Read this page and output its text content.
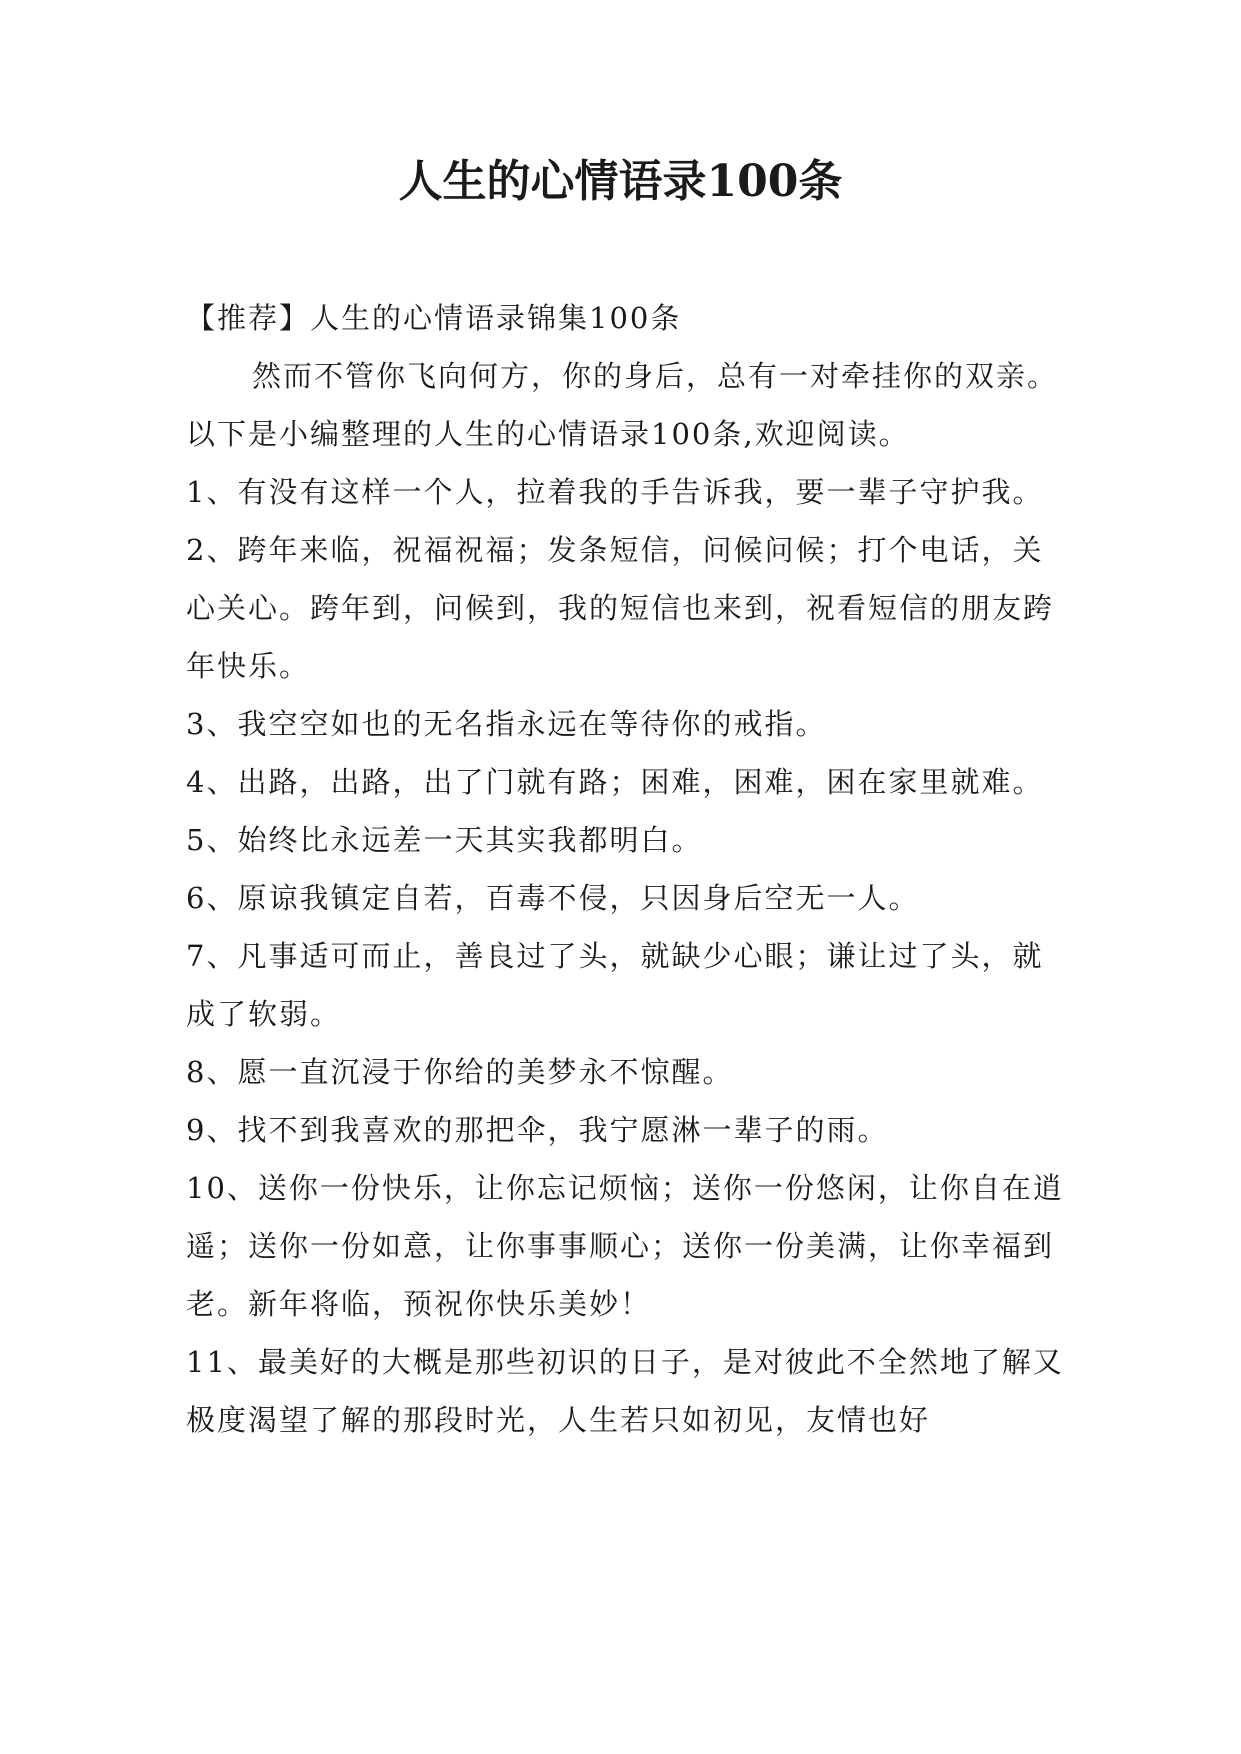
人生的心情语录100条

【推荐】人生的心情语录锦集100条

然而不管你飞向何方，你的身后，总有一对牵挂你的双亲。以下是小编整理的人生的心情语录100条,欢迎阅读。

1、有没有这样一个人，拉着我的手告诉我，要一辈子守护我。

2、跨年来临，祝福祝福；发条短信，问候问候；打个电话，关心关心。跨年到，问候到，我的短信也来到，祝看短信的朋友跨年快乐。

3、我空空如也的无名指永远在等待你的戒指。

4、出路，出路，出了门就有路；困难，困难，困在家里就难。

5、始终比永远差一天其实我都明白。

6、原谅我镇定自若，百毒不侵，只因身后空无一人。

7、凡事适可而止，善良过了头，就缺少心眼；谦让过了头，就成了软弱。

8、愿一直沉浸于你给的美梦永不惊醒。

9、找不到我喜欢的那把伞，我宁愿淋一辈子的雨。

10、送你一份快乐，让你忘记烦恼；送你一份悠闲，让你自在逍遥；送你一份如意，让你事事顺心；送你一份美满，让你幸福到老。新年将临，预祝你快乐美妙！

11、最美好的大概是那些初识的日子，是对彼此不全然地了解又极度渴望了解的那段时光，人生若只如初见，友情也好
